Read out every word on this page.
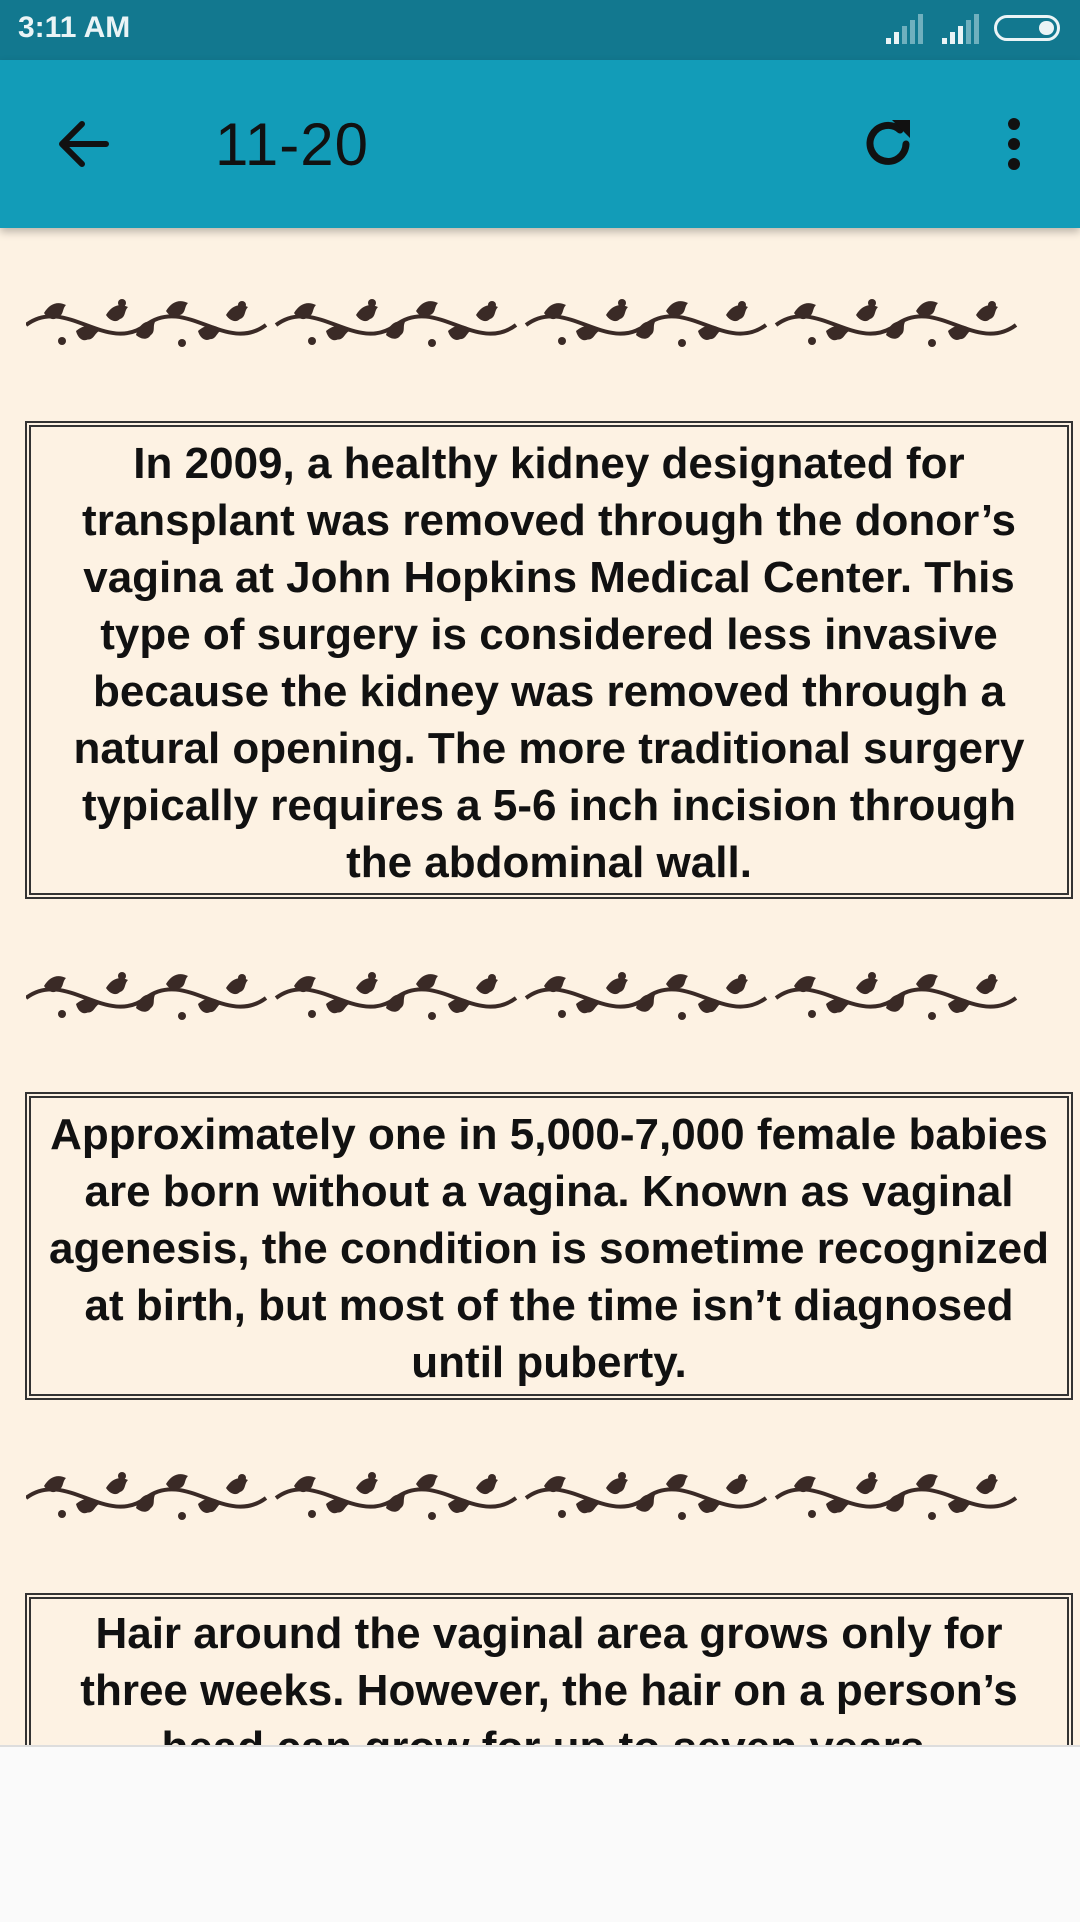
3:11 AM
11-20
In 2009, a healthy kidney designated for transplant was removed through the donor’s vagina at John Hopkins Medical Center. This type of surgery is considered less invasive because the kidney was removed through a natural opening. The more traditional surgery typically requires a 5-6 inch incision through the abdominal wall.
Approximately one in 5,000-7,000 female babies are born without a vagina. Known as vaginal agenesis, the condition is sometime recognized at birth, but most of the time isn’t diagnosed until puberty.
Hair around the vaginal area grows only for three weeks. However, the hair on a person’s
